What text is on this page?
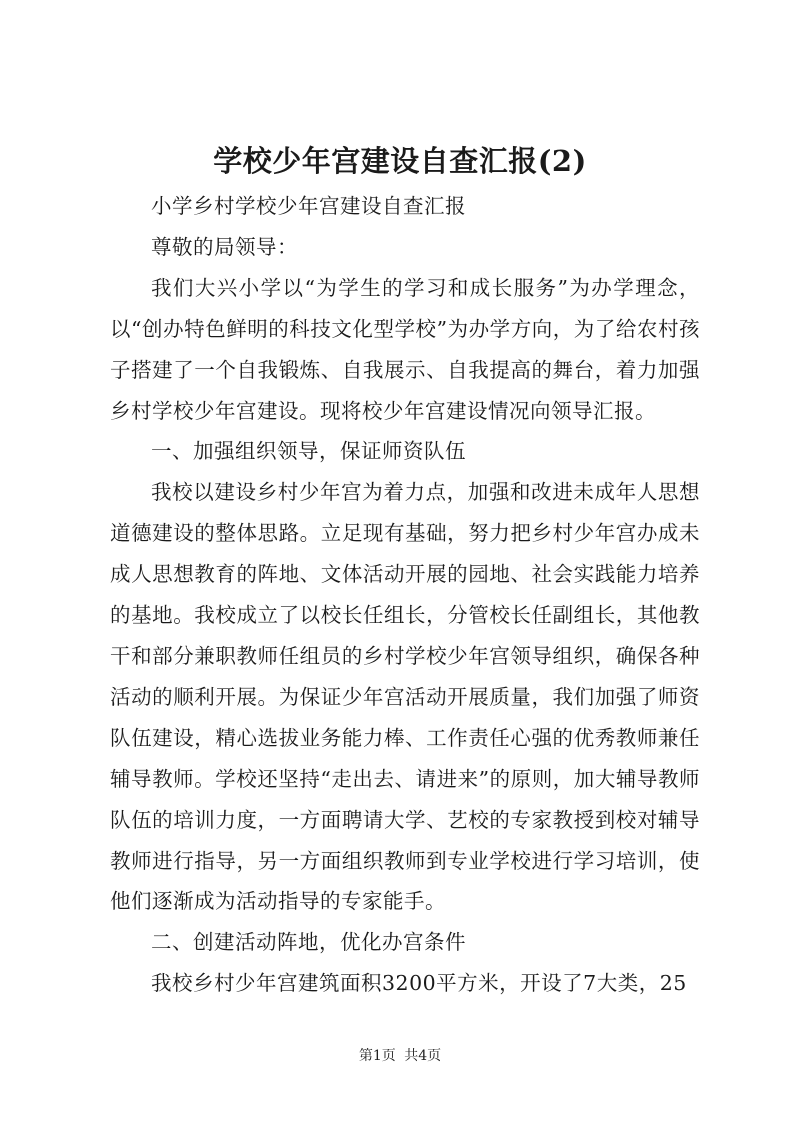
学校少年宫建设自查汇报(2)

小学乡村学校少年宫建设自查汇报

尊敬的局领导：

我们大兴小学以“为学生的学习和成长服务”为办学理念，以“创办特色鲜明的科技文化型学校”为办学方向，为了给农村孩子搭建了一个自我锻炼、自我展示、自我提高的舞台，着力加强乡村学校少年宫建设。现将校少年宫建设情况向领导汇报。

一、加强组织领导，保证师资队伍

我校以建设乡村少年宫为着力点，加强和改进未成年人思想道德建设的整体思路。立足现有基础，努力把乡村少年宫办成未成人思想教育的阵地、文体活动开展的园地、社会实践能力培养的基地。我校成立了以校长任组长，分管校长任副组长，其他教干和部分兼职教师任组员的乡村学校少年宫领导组织，确保各种活动的顺利开展。为保证少年宫活动开展质量，我们加强了师资队伍建设，精心选拔业务能力棒、工作责任心强的优秀教师兼任辅导教师。学校还坚持“走出去、请进来”的原则，加大辅导教师队伍的培训力度，一方面聘请大学、艺校的专家教授到校对辅导教师进行指导，另一方面组织教师到专业学校进行学习培训，使他们逐渐成为活动指导的专家能手。

二、创建活动阵地，优化办宫条件

我校乡村少年宫建筑面积3200平方米，开设了7大类，25

第1页 共4页
